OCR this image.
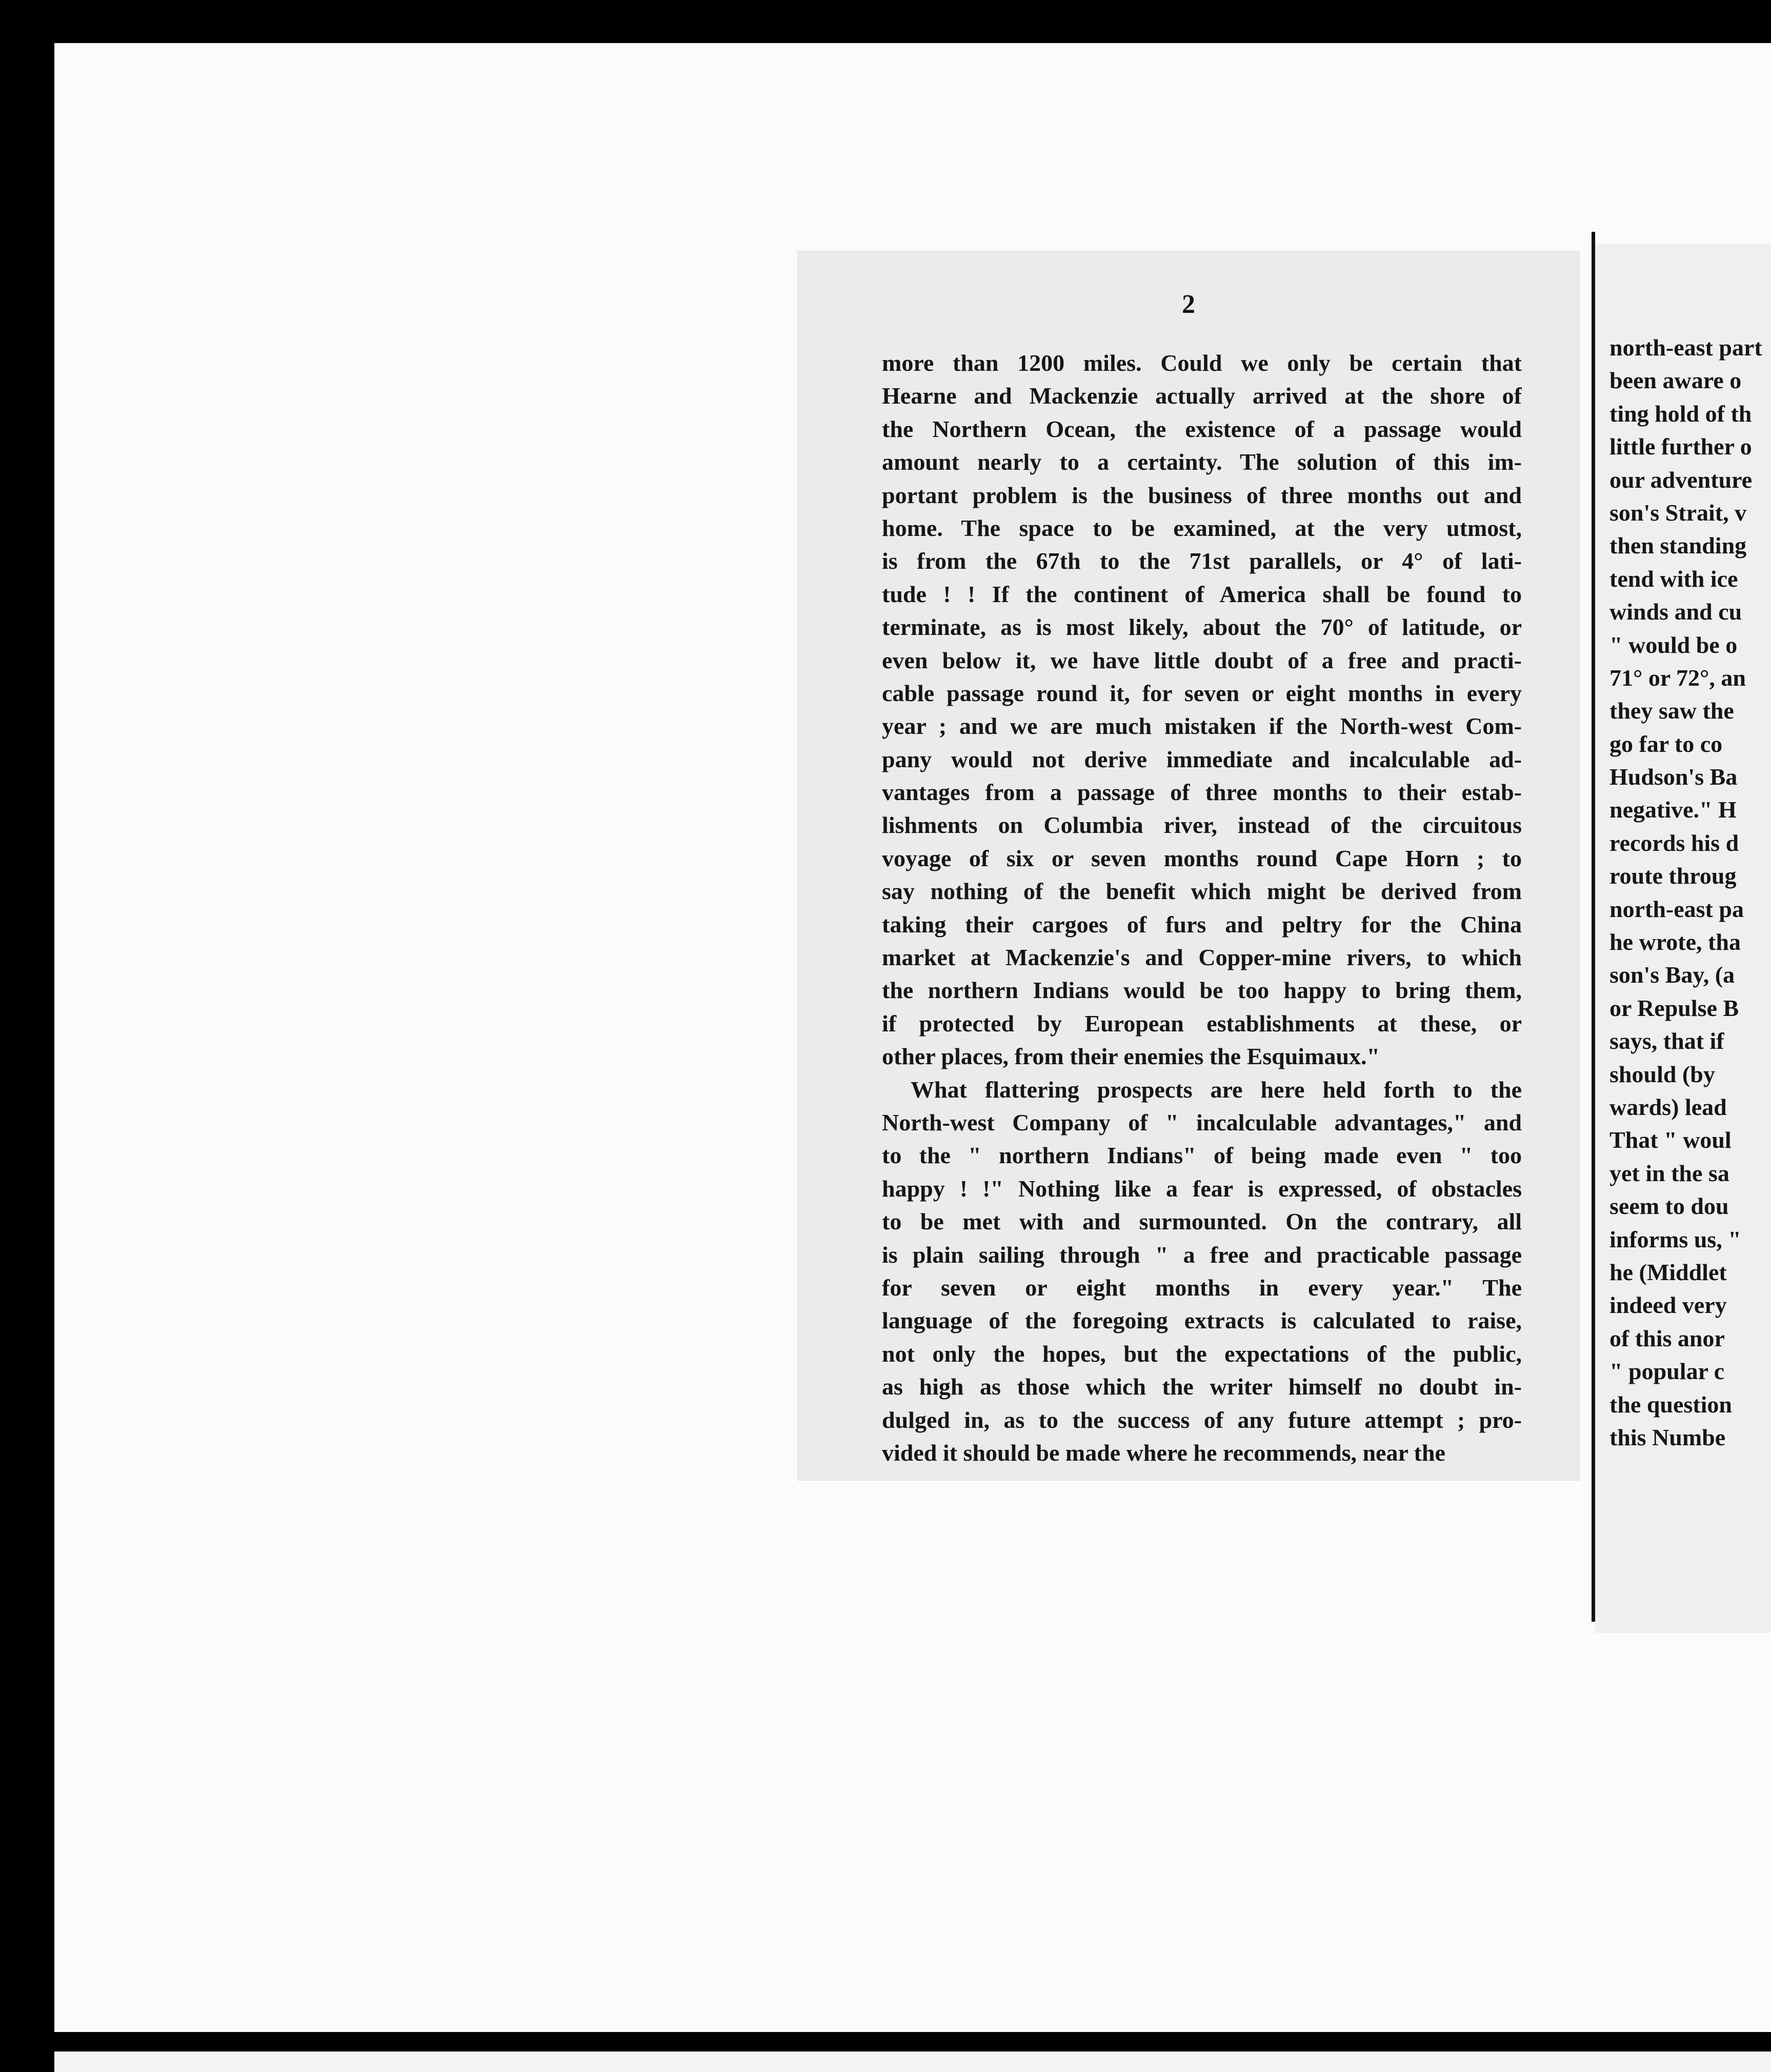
2
more than 1200 miles. Could we only be certain that
Hearne and Mackenzie actually arrived at the shore of
the Northern Ocean, the existence of a passage would
amount nearly to a certainty. The solution of this im-
portant problem is the business of three months out and
home. The space to be examined, at the very utmost,
is from the 67th to the 71st parallels, or 4° of lati-
tude ! ! If the continent of America shall be found to
terminate, as is most likely, about the 70° of latitude, or
even below it, we have little doubt of a free and practi-
cable passage round it, for seven or eight months in every
year ; and we are much mistaken if the North-west Com-
pany would not derive immediate and incalculable ad-
vantages from a passage of three months to their estab-
lishments on Columbia river, instead of the circuitous
voyage of six or seven months round Cape Horn ; to
say nothing of the benefit which might be derived from
taking their cargoes of furs and peltry for the China
market at Mackenzie's and Copper-mine rivers, to which
the northern Indians would be too happy to bring them,
if protected by European establishments at these, or
other places, from their enemies the Esquimaux."
What flattering prospects are here held forth to the
North-west Company of " incalculable advantages," and
to the " northern Indians" of being made even " too
happy ! !" Nothing like a fear is expressed, of obstacles
to be met with and surmounted. On the contrary, all
is plain sailing through " a free and practicable passage
for seven or eight months in every year." The
language of the foregoing extracts is calculated to raise,
not only the hopes, but the expectations of the public,
as high as those which the writer himself no doubt in-
dulged in, as to the success of any future attempt ; pro-
vided it should be made where he recommends, near the
north-east part
been aware o
ting hold of th
little further o
our adventure
son's Strait, v
then standing
tend with ice
winds and cu
" would be o
71° or 72°, an
they saw the
go far to co
Hudson's Ba
negative." H
records his d
route throug
north-east pa
he wrote, tha
son's Bay, (a
or Repulse B
says, that if
should (by
wards) lead
That " woul
yet in the sa
seem to dou
informs us, "
he (Middlet
indeed very
of this anor
" popular c
the question
this Numbe
